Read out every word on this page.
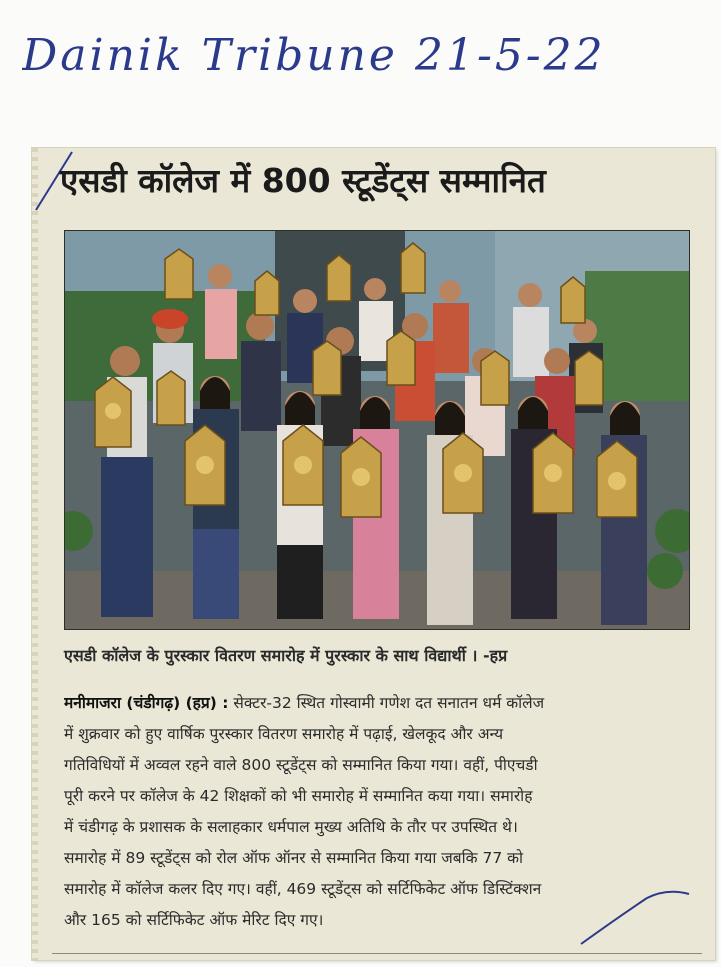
Dainik Tribune 21-5-22
एसडी कॉलेज में 800 स्टूडेंट्स सम्मानित
एसडी कॉलेज के पुरस्कार वितरण समारोह में पुरस्कार के साथ विद्यार्थी । -हप्र
मनीमाजरा (चंडीगढ़) (हप्र) : सेक्टर-32 स्थित गोस्वामी गणेश दत सनातन धर्म कॉलेज
में शुक्रवार को हुए वार्षिक पुरस्कार वितरण समारोह में पढ़ाई, खेलकूद और अन्य
गतिविधियों में अव्वल रहने वाले 800 स्टूडेंट्स को सम्मानित किया गया। वहीं, पीएचडी
पूरी करने पर कॉलेज के 42 शिक्षकों को भी समारोह में सम्मानित कया गया। समारोह
में चंडीगढ़ के प्रशासक के सलाहकार धर्मपाल मुख्य अतिथि के तौर पर उपस्थित थे।
समारोह में 89 स्टूडेंट्स को रोल ऑफ ऑनर से सम्मानित किया गया जबकि 77 को
समारोह में कॉलेज कलर दिए गए। वहीं, 469 स्टूडेंट्स को सर्टिफिकेट ऑफ डिस्टिंक्शन
और 165 को सर्टिफिकेट ऑफ मेरिट दिए गए।
